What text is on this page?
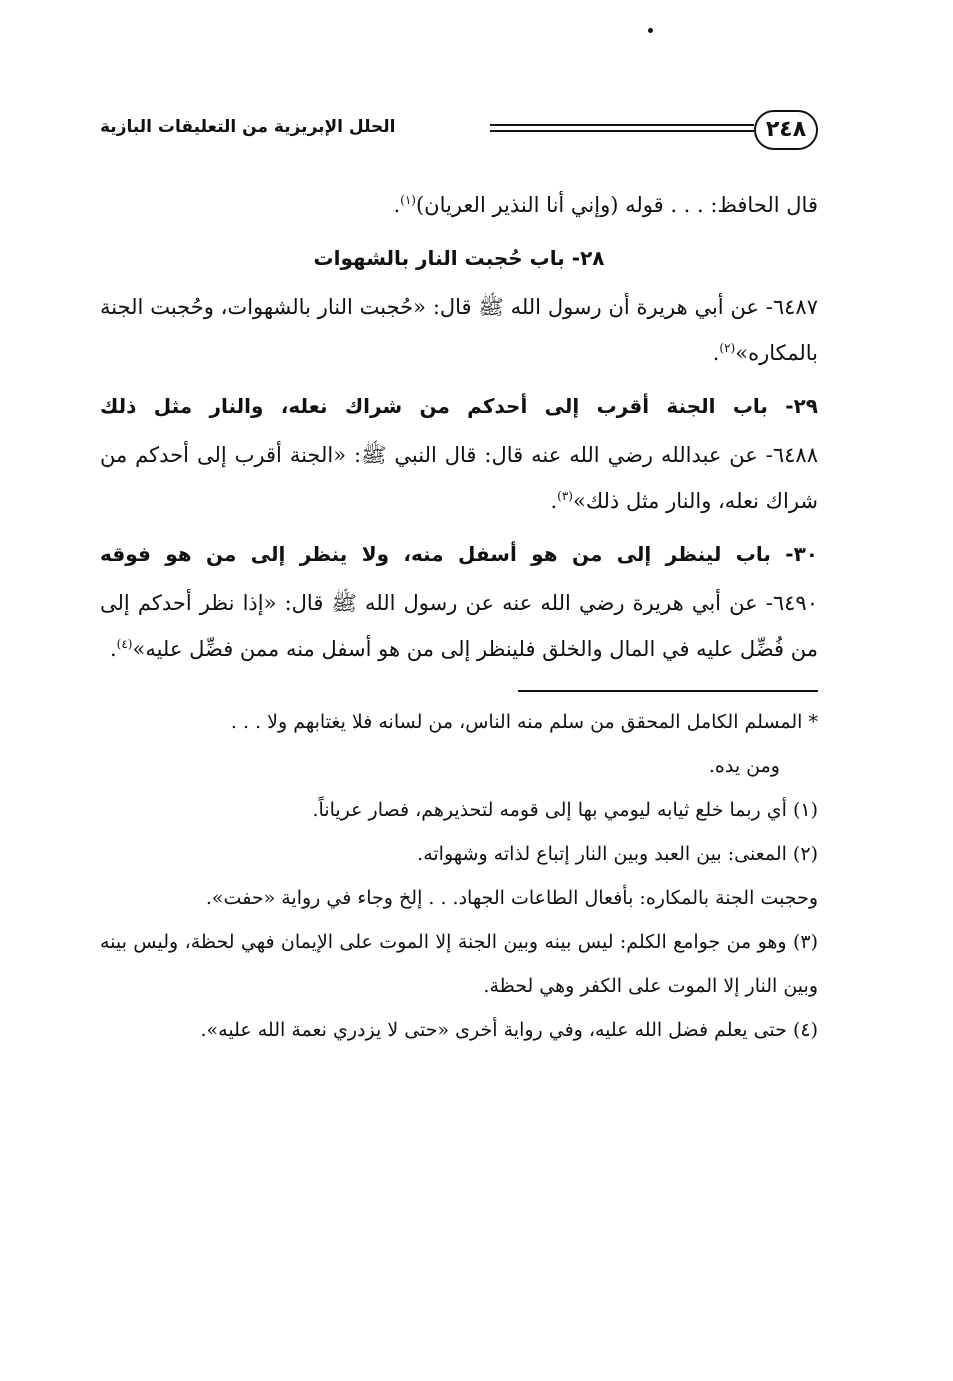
٢٤٨
الحلل الإبريزية من التعليقات البازية

قال الحافظ: . . . قوله (وإني أنا النذير العريان)$^{(١)}$.

٢٨- باب حُجبت النار بالشهوات

٦٤٨٧- عن أبي هريرة أن رسول الله ﷺ قال: «حُجبت النار بالشهوات، وحُجبت الجنة بالمكاره»$^{(٢)}$.

٢٩- باب الجنة أقرب إلى أحدكم من شراك نعله، والنار مثل ذلك

٦٤٨٨- عن عبدالله رضي الله عنه قال: قال النبي ﷺ: «الجنة أقرب إلى أحدكم من شراك نعله، والنار مثل ذلك»$^{(٣)}$.

٣٠- باب لينظر إلى من هو أسفل منه، ولا ينظر إلى من هو فوقه

٦٤٩٠- عن أبي هريرة رضي الله عنه عن رسول الله ﷺ قال: «إذا نظر أحدكم إلى من فُضِّل عليه في المال والخلق فلينظر إلى من هو أسفل منه ممن فضِّل عليه»$^{(٤)}$.

* المسلم الكامل المحقق من سلم منه الناس، من لسانه فلا يغتابهم ولا . . .

ومن يده.

(١) أي ربما خلع ثيابه ليومي بها إلى قومه لتحذيرهم، فصار عرياناً.

(٢) المعنى: بين العبد وبين النار إتباع لذاته وشهواته.

وحجبت الجنة بالمكاره: بأفعال الطاعات الجهاد. . . إلخ وجاء في رواية «حفت».

(٣) وهو من جوامع الكلم: ليس بينه وبين الجنة إلا الموت على الإيمان فهي لحظة، وليس بينه وبين النار إلا الموت على الكفر وهي لحظة.

(٤) حتى يعلم فضل الله عليه، وفي رواية أخرى «حتى لا يزدري نعمة الله عليه».
